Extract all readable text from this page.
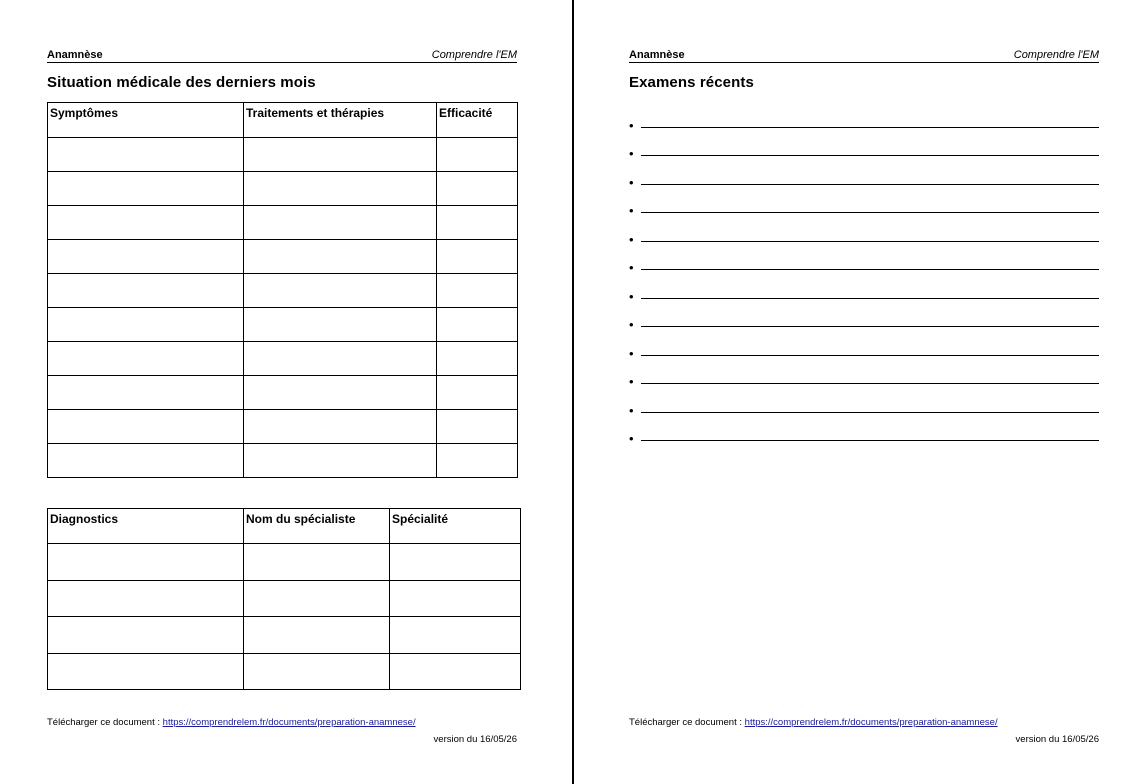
Anamnèse	Comprendre l'EM
Situation médicale des derniers mois
Symptômes	Traitements et thérapies	Efficacité

Diagnostics	Nom du spécialiste	Spécialité

Télécharger ce document : https://comprendrelem.fr/documents/preparation-anamnese/
version du 16/05/26
Anamnèse	Comprendre l'EM
Examens récents
•
•
•
•
•
•
•
•
•
•
•
•
Télécharger ce document : https://comprendrelem.fr/documents/preparation-anamnese/
version du 16/05/26
